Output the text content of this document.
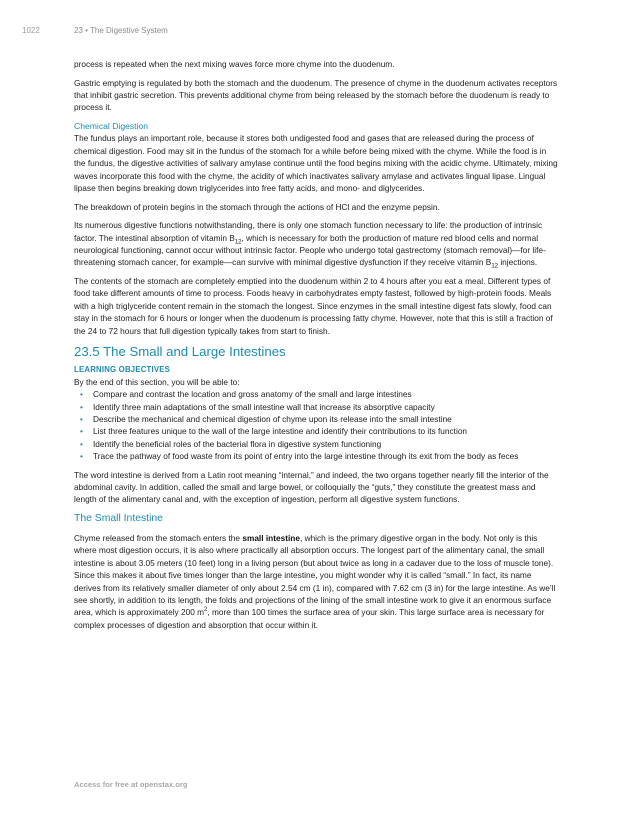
1022	23 • The Digestive System

process is repeated when the next mixing waves force more chyme into the duodenum.

Gastric emptying is regulated by both the stomach and the duodenum. The presence of chyme in the duodenum activates receptors that inhibit gastric secretion. This prevents additional chyme from being released by the stomach before the duodenum is ready to process it.

Chemical Digestion

The fundus plays an important role, because it stores both undigested food and gases that are released during the process of chemical digestion. Food may sit in the fundus of the stomach for a while before being mixed with the chyme. While the food is in the fundus, the digestive activities of salivary amylase continue until the food begins mixing with the acidic chyme. Ultimately, mixing waves incorporate this food with the chyme, the acidity of which inactivates salivary amylase and activates lingual lipase. Lingual lipase then begins breaking down triglycerides into free fatty acids, and mono- and diglycerides.

The breakdown of protein begins in the stomach through the actions of HCl and the enzyme pepsin.

Its numerous digestive functions notwithstanding, there is only one stomach function necessary to life: the production of intrinsic factor. The intestinal absorption of vitamin $B_{12}$, which is necessary for both the production of mature red blood cells and normal neurological functioning, cannot occur without intrinsic factor. People who undergo total gastrectomy (stomach removal)—for life-threatening stomach cancer, for example—can survive with minimal digestive dysfunction if they receive vitamin $B_{12}$ injections.

The contents of the stomach are completely emptied into the duodenum within 2 to 4 hours after you eat a meal. Different types of food take different amounts of time to process. Foods heavy in carbohydrates empty fastest, followed by high-protein foods. Meals with a high triglyceride content remain in the stomach the longest. Since enzymes in the small intestine digest fats slowly, food can stay in the stomach for 6 hours or longer when the duodenum is processing fatty chyme. However, note that this is still a fraction of the 24 to 72 hours that full digestion typically takes from start to finish.

23.5 The Small and Large Intestines
LEARNING OBJECTIVES
By the end of this section, you will be able to:
• Compare and contrast the location and gross anatomy of the small and large intestines
• Identify three main adaptations of the small intestine wall that increase its absorptive capacity
• Describe the mechanical and chemical digestion of chyme upon its release into the small intestine
• List three features unique to the wall of the large intestine and identify their contributions to its function
• Identify the beneficial roles of the bacterial flora in digestive system functioning
• Trace the pathway of food waste from its point of entry into the large intestine through its exit from the body as feces

The word intestine is derived from a Latin root meaning “internal,” and indeed, the two organs together nearly fill the interior of the abdominal cavity. In addition, called the small and large bowel, or colloquially the “guts,” they constitute the greatest mass and length of the alimentary canal and, with the exception of ingestion, perform all digestive system functions.

The Small Intestine

Chyme released from the stomach enters the small intestine, which is the primary digestive organ in the body. Not only is this where most digestion occurs, it is also where practically all absorption occurs. The longest part of the alimentary canal, the small intestine is about 3.05 meters (10 feet) long in a living person (but about twice as long in a cadaver due to the loss of muscle tone). Since this makes it about five times longer than the large intestine, you might wonder why it is called “small.” In fact, its name derives from its relatively smaller diameter of only about 2.54 cm (1 in), compared with 7.62 cm (3 in) for the large intestine. As we’ll see shortly, in addition to its length, the folds and projections of the lining of the small intestine work to give it an enormous surface area, which is approximately 200 $m^2$, more than 100 times the surface area of your skin. This large surface area is necessary for complex processes of digestion and absorption that occur within it.

Access for free at openstax.org
